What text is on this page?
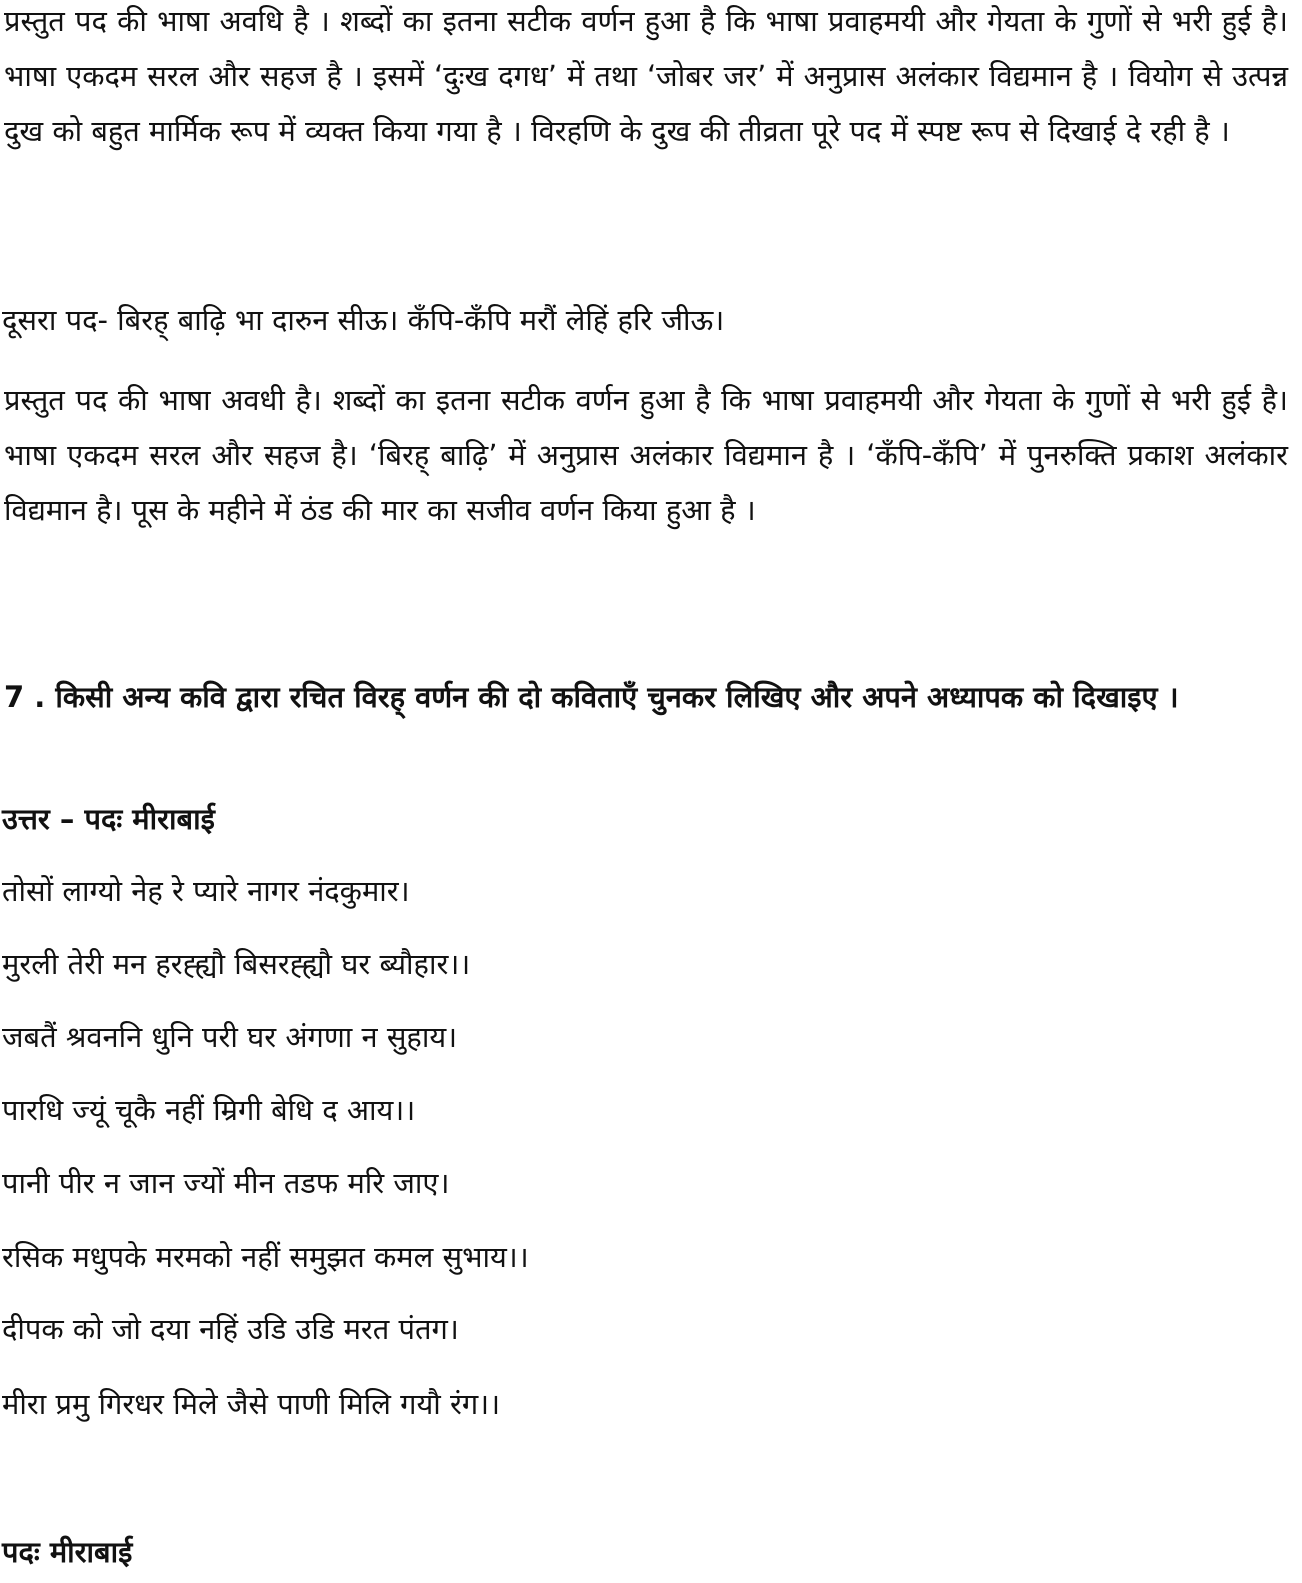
प्रस्तुत पद की भाषा अवधि है । शब्दों का इतना सटीक वर्णन हुआ है कि भाषा प्रवाहमयी और गेयता के गुणों से भरी हुई है। भाषा एकदम सरल और सहज है । इसमें ‘दुःख दगध’ में तथा ‘जोबर जर’ में अनुप्रास अलंकार विद्यमान है । वियोग से उत्पन्न दुख को बहुत मार्मिक रूप में व्यक्त किया गया है । विरहणि के दुख की तीव्रता पूरे पद में स्पष्ट रूप से दिखाई दे रही है ।

दूसरा पद- बिरह् बाढ़ि भा दारुन सीऊ। कँपि-कँपि मरौं लेहिं हरि जीऊ।

प्रस्तुत पद की भाषा अवधी है। शब्दों का इतना सटीक वर्णन हुआ है कि भाषा प्रवाहमयी और गेयता के गुणों से भरी हुई है। भाषा एकदम सरल और सहज है। ‘बिरह् बाढ़ि’ में अनुप्रास अलंकार विद्यमान है । ‘कँपि-कँपि’ में पुनरुक्ति प्रकाश अलंकार विद्यमान है। पूस के महीने में ठंड की मार का सजीव वर्णन किया हुआ है ।

7 . किसी अन्य कवि द्वारा रचित विरह् वर्णन की दो कविताएँ चुनकर लिखिए और अपने अध्यापक को दिखाइए ।

उत्तर – पदः मीराबाई

तोसों लाग्यो नेह रे प्यारे नागर नंदकुमार।

मुरली तेरी मन हरह्ह्यौ बिसरह्ह्यौ घर ब्यौहार।।

जबतैं श्रवननि धुनि परी घर अंगणा न सुहाय।

पारधि ज्यूं चूकै नहीं म्रिगी बेधि द आय।।

पानी पीर न जान ज्यों मीन तडफ मरि जाए।

रसिक मधुपके मरमको नहीं समुझत कमल सुभाय।।

दीपक को जो दया नहिं उडि उडि मरत पंतग।

मीरा प्रमु गिरधर मिले जैसे पाणी मिलि गयौ रंग।।

पदः मीराबाई
